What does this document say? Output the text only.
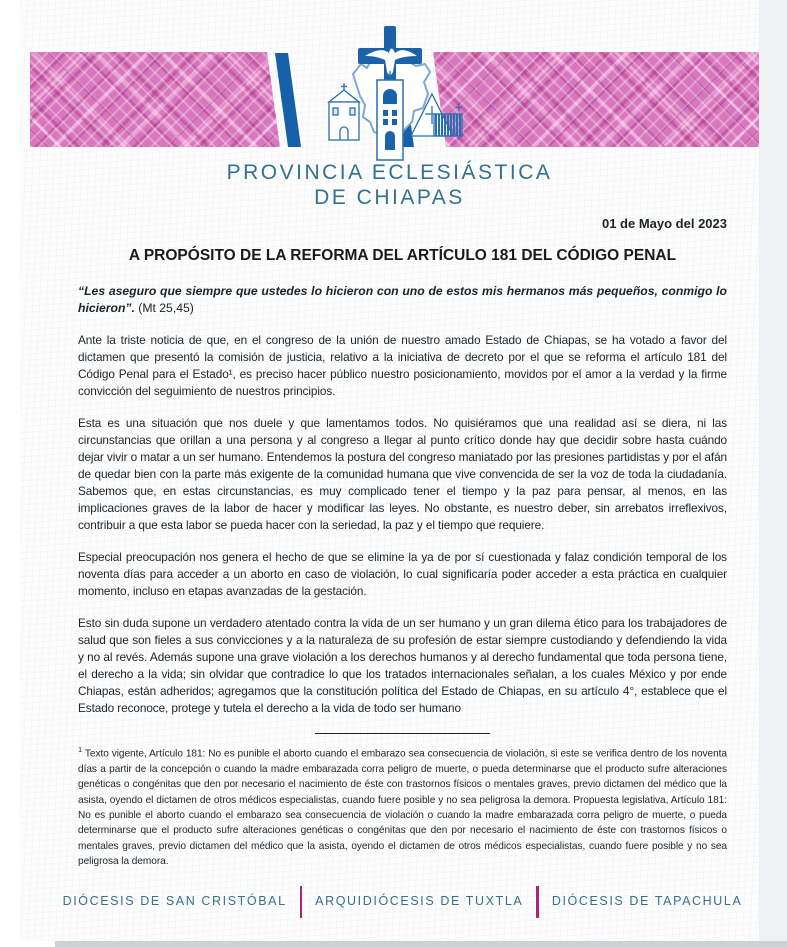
PROVINCIA ECLESIÁSTICA
DE CHIAPAS
01 de Mayo del 2023
A PROPÓSITO DE LA REFORMA DEL ARTÍCULO 181 DEL CÓDIGO PENAL
“Les aseguro que siempre que ustedes lo hicieron con uno de estos mis hermanos más pequeños, conmigo lo hicieron”. (Mt 25,45)

Ante la triste noticia de que, en el congreso de la unión de nuestro amado Estado de Chiapas, se ha votado a favor del dictamen que presentó la comisión de justicia, relativo a la iniciativa de decreto por el que se reforma el artículo 181 del Código Penal para el Estado¹, es preciso hacer público nuestro posicionamiento, movidos por el amor a la verdad y la firme convicción del seguimiento de nuestros principios.

Esta es una situación que nos duele y que lamentamos todos. No quisiéramos que una realidad así se diera, ni las circunstancias que orillan a una persona y al congreso a llegar al punto crítico donde hay que decidir sobre hasta cuándo dejar vivir o matar a un ser humano. Entendemos la postura del congreso maniatado por las presiones partidistas y por el afán de quedar bien con la parte más exigente de la comunidad humana que vive convencida de ser la voz de toda la ciudadanía. Sabemos que, en estas circunstancias, es muy complicado tener el tiempo y la paz para pensar, al menos, en las implicaciones graves de la labor de hacer y modificar las leyes. No obstante, es nuestro deber, sin arrebatos irreflexivos, contribuir a que esta labor se pueda hacer con la seriedad, la paz y el tiempo que requiere.

Especial preocupación nos genera el hecho de que se elimine la ya de por sí cuestionada y falaz condición temporal de los noventa días para acceder a un aborto en caso de violación, lo cual significaría poder acceder a esta práctica en cualquier momento, incluso en etapas avanzadas de la gestación.

Esto sin duda supone un verdadero atentado contra la vida de un ser humano y un gran dilema ético para los trabajadores de salud que son fieles a sus convicciones y a la naturaleza de su profesión de estar siempre custodiando y defendiendo la vida y no al revés. Además supone una grave violación a los derechos humanos y al derecho fundamental que toda persona tiene, el derecho a la vida; sin olvidar que contradice lo que los tratados internacionales señalan, a los cuales México y por ende Chiapas, están adheridos; agregamos que la constitución política del Estado de Chiapas, en su artículo 4°, establece que el Estado reconoce, protege y tutela el derecho a la vida de todo ser humano

$^1$ Texto vigente, Artículo 181: No es punible el aborto cuando el embarazo sea consecuencia de violación, si este se verifica dentro de los noventa días a partir de la concepción o cuando la madre embarazada corra peligro de muerte, o pueda determinarse que el producto sufre alteraciones genéticas o congénitas que den por necesario el nacimiento de éste con trastornos físicos o mentales graves, previo dictamen del médico que la asista, oyendo el dictamen de otros médicos especialistas, cuando fuere posible y no sea peligrosa la demora. Propuesta legislativa, Artículo 181: No es punible el aborto cuando el embarazo sea consecuencia de violación o cuando la madre embarazada corra peligro de muerte, o pueda determinarse que el producto sufre alteraciones genéticas o congénitas que den por necesario el nacimiento de éste con trastornos físicos o mentales graves, previo dictamen del médico que la asista, oyendo el dictamen de otros médicos especialistas, cuando fuere posible y no sea peligrosa la demora.
DIÓCESIS DE SAN CRISTÓBAL ARQUIDIÓCESIS DE TUXTLA DIÓCESIS DE TAPACHULA
